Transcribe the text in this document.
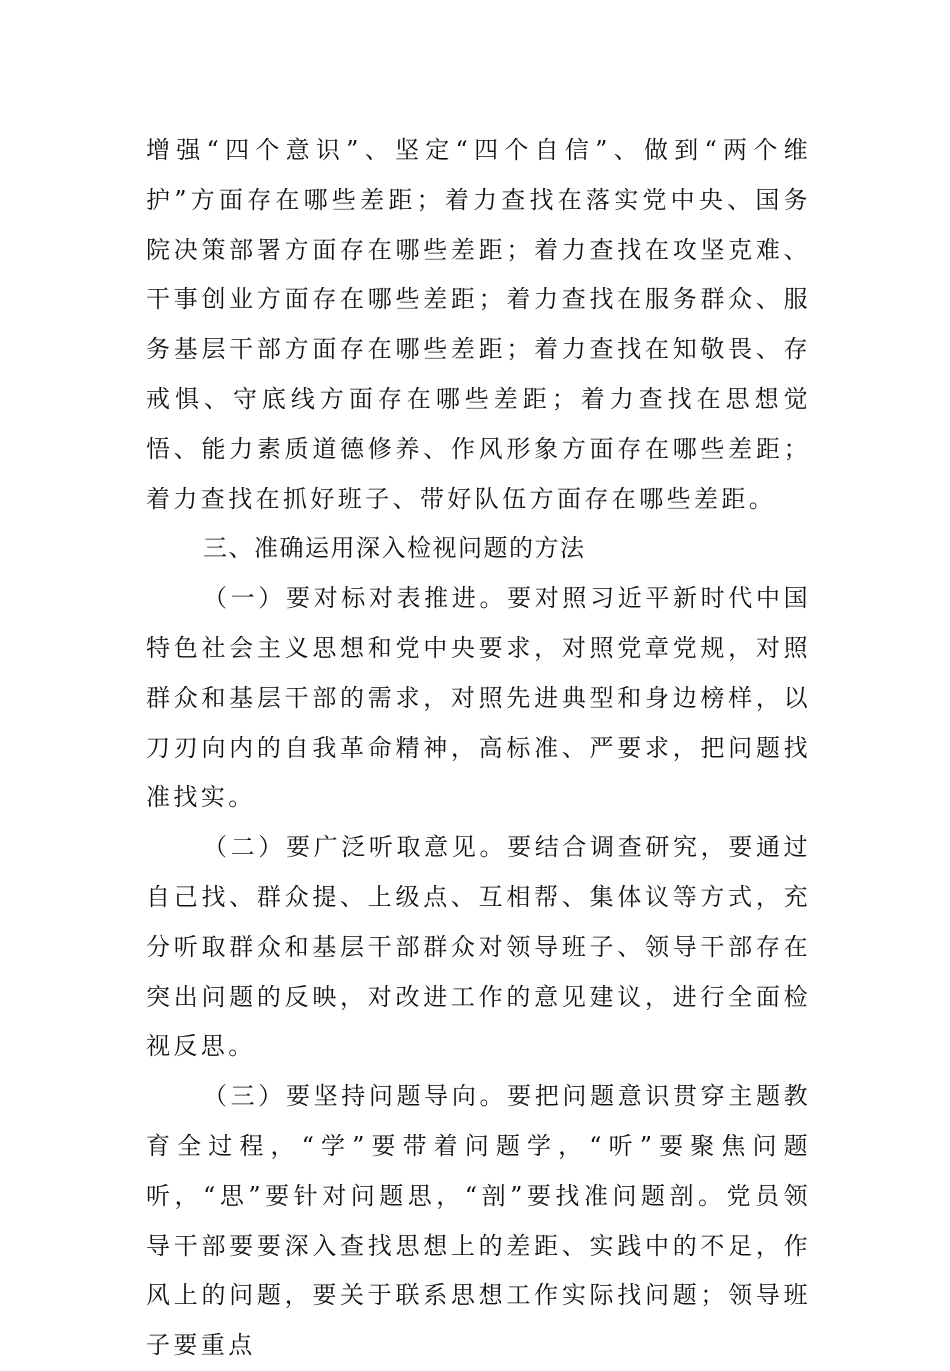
增强“四个意识”、坚定“四个自信”、做到“两个维护”方面存在哪些差距；着力查找在落实党中央、国务院决策部署方面存在哪些差距；着力查找在攻坚克难、干事创业方面存在哪些差距；着力查找在服务群众、服务基层干部方面存在哪些差距；着力查找在知敬畏、存戒惧、守底线方面存在哪些差距；着力查找在思想觉悟、能力素质道德修养、作风形象方面存在哪些差距；着力查找在抓好班子、带好队伍方面存在哪些差距。

三、准确运用深入检视问题的方法

（一）要对标对表推进。要对照习近平新时代中国特色社会主义思想和党中央要求，对照党章党规，对照群众和基层干部的需求，对照先进典型和身边榜样，以刀刃向内的自我革命精神，高标准、严要求，把问题找准找实。

（二）要广泛听取意见。要结合调查研究，要通过自己找、群众提、上级点、互相帮、集体议等方式，充分听取群众和基层干部群众对领导班子、领导干部存在突出问题的反映，对改进工作的意见建议，进行全面检视反思。

（三）要坚持问题导向。要把问题意识贯穿主题教育全过程，“学”要带着问题学，“听”要聚焦问题听，“思”要针对问题思，“剖”要找准问题剖。党员领导干部要要深入查找思想上的差距、实践中的不足，作风上的问题，要关于联系思想工作实际找问题；领导班子要重点
